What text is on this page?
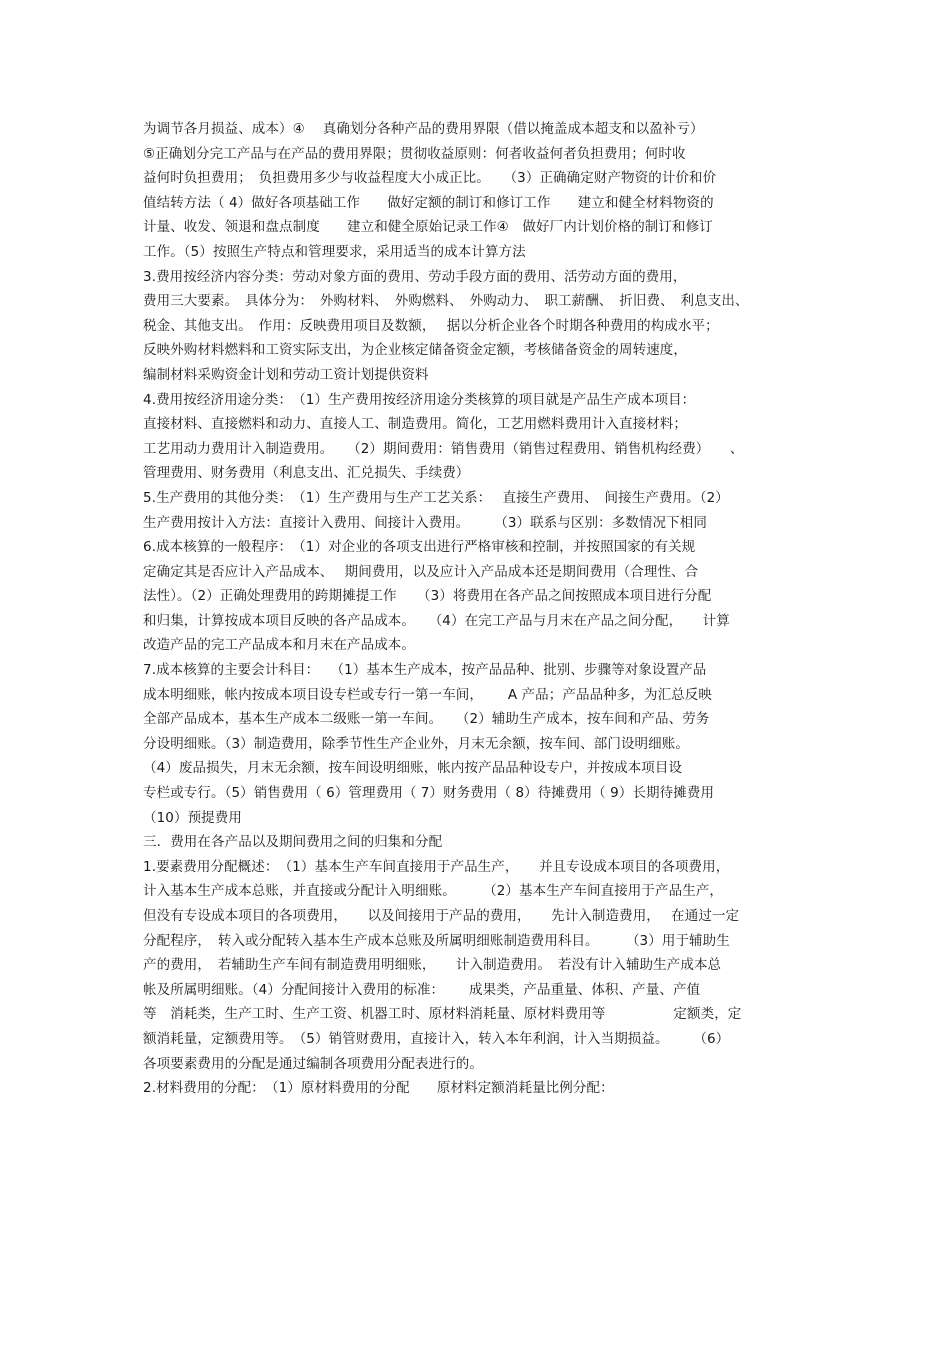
为调节各月损益、成本）④　 真确划分各种产品的费用界限（借以掩盖成本超支和以盈补亏）
⑤正确划分完工产品与在产品的费用界限；贯彻收益原则：何者收益何者负担费用；何时收
益何时负担费用；　负担费用多少与收益程度大小成正比。　　（3）正确确定财产物资的计价和价
值结转方法（ 4）做好各项基础工作　　做好定额的制订和修订工作　　建立和健全材料物资的
计量、收发、领退和盘点制度　　建立和健全原始记录工作④　做好厂内计划价格的制订和修订
工作。（5）按照生产特点和管理要求，采用适当的成本计算方法
3.费用按经济内容分类：劳动对象方面的费用、劳动手段方面的费用、活劳动方面的费用，
费用三大要素。　具体分为：　外购材料、　外购燃料、　外购动力、　职工薪酬、　折旧费、　利息支出、
税金、其他支出。　作用：反映费用项目及数额，　 据以分析企业各个时期各种费用的构成水平；
反映外购材料燃料和工资实际支出，为企业核定储备资金定额，考核储备资金的周转速度，
编制材料采购资金计划和劳动工资计划提供资料
4.费用按经济用途分类：　（1）生产费用按经济用途分类核算的项目就是产品生产成本项目：
直接材料、直接燃料和动力、直接人工、制造费用。简化，工艺用燃料费用计入直接材料；
工艺用动力费用计入制造费用。　　（2）期间费用：销售费用（销售过程费用、销售机构经费）　　、
管理费用、财务费用（利息支出、汇兑损失、手续费）
5.生产费用的其他分类：　（1）生产费用与生产工艺关系：　 直接生产费用、　间接生产费用。（2）
生产费用按计入方法：直接计入费用、间接计入费用。　　 （3）联系与区别：多数情况下相同
6.成本核算的一般程序：　（1）对企业的各项支出进行严格审核和控制，并按照国家的有关规
定确定其是否应计入产品成本、　 期间费用，以及应计入产品成本还是期间费用（合理性、合
法性）。（2）正确处理费用的跨期摊提工作　　（3）将费用在各产品之间按照成本项目进行分配
和归集，计算按成本项目反映的各产品成本。　　（4）在完工产品与月末在产品之间分配，　　计算
改造产品的完工产品成本和月末在产品成本。
7.成本核算的主要会计科目：　 （1）基本生产成本，按产品品种、批别、步骤等对象设置产品
成本明细账，帐内按成本项目设专栏或专行一第一车间，　　 A 产品；产品品种多，为汇总反映
全部产品成本，基本生产成本二级账一第一车间。　　（2）辅助生产成本，按车间和产品、劳务
分设明细账。（3）制造费用，除季节性生产企业外，月末无余额，按车间、部门设明细账。
（4）废品损失，月末无余额，按车间设明细账，帐内按产品品种设专户，并按成本项目设
专栏或专行。（5）销售费用（ 6）管理费用（ 7）财务费用（ 8）待摊费用（ 9）长期待摊费用
（10）预提费用
三．费用在各产品以及期间费用之间的归集和分配
1.要素费用分配概述：　（1）基本生产车间直接用于产品生产，　　并且专设成本项目的各项费用，
计入基本生产成本总账，并直接或分配计入明细账。　　　（2）基本生产车间直接用于产品生产，
但没有专设成本项目的各项费用，　　以及间接用于产品的费用，　　先计入制造费用，　 在通过一定
分配程序，　转入或分配转入基本生产成本总账及所属明细账制造费用科目。　　　（3）用于辅助生
产的费用，　若辅助生产车间有制造费用明细账，　　计入制造费用。　若没有计入辅助生产成本总
帐及所属明细账。（4）分配间接计入费用的标准：　　 成果类，产品重量、体积、产量、产值
等　消耗类，生产工时、生产工资、机器工时、原材料消耗量、原材料费用等　　　　　定额类，定
额消耗量，定额费用等。　（5）销管财费用，直接计入，转入本年利润，计入当期损益。　　 （6）
各项要素费用的分配是通过编制各项费用分配表进行的。
2.材料费用的分配：　（1）原材料费用的分配　　原材料定额消耗量比例分配：
